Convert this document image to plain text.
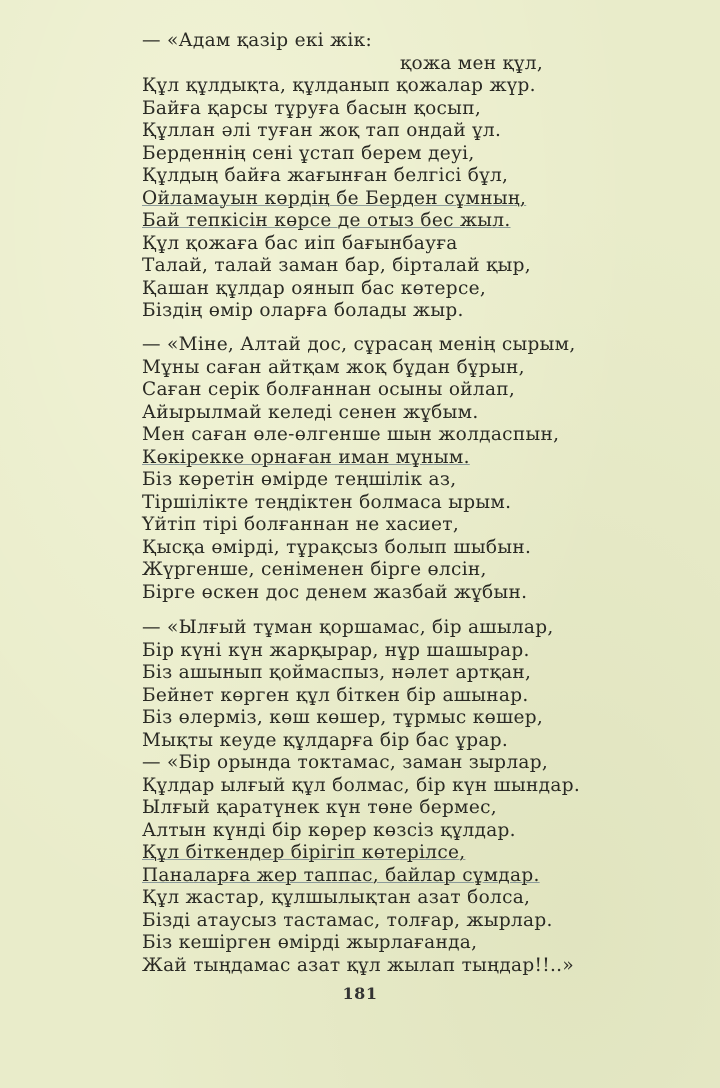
— «Адам қазір екі жік:
қожа мен құл,
Құл құлдықта, құлданып қожалар жүр.
Байға қарсы тұруға басын қосып,
Құллан әлі туған жоқ тап ондай ұл.
Берденнің сені ұстап берем деуі,
Құлдың байға жағынған белгісі бұл,
Ойламауын көрдің бе Берден сұмның,
Бай тепкісін көрсе де отыз бес жыл.
Құл қожаға бас иіп бағынбауға
Талай, талай заман бар, бірталай қыр,
Қашан құлдар оянып бас көтерсе,
Біздің өмір оларға болады жыр.
— «Міне, Алтай дос, сұрасаң менің сырым,
Мұны саған айтқам жоқ бұдан бұрын,
Саған серік болғаннан осыны ойлап,
Айырылмай келеді сенен жұбым.
Мен саған өле-өлгенше шын жолдаспын,
Көкірекке орнаған иман мұным.
Біз көретін өмірде теңшілік аз,
Тіршілікте теңдіктен болмаса ырым.
Үйтіп тірі болғаннан не хасиет,
Қысқа өмірді, тұрақсыз болып шыбын.
Жүргенше, сеніменен бірге өлсін,
Бірге өскен дос денем жазбай жұбын.
— «Ылғый тұман қоршамас, бір ашылар,
Бір күні күн жарқырар, нұр шашырар.
Біз ашынып қоймаспыз, нәлет артқан,
Бейнет көрген құл біткен бір ашынар.
Біз өлерміз, көш көшер, тұрмыс көшер,
Мықты кеуде құлдарға бір бас ұрар.
— «Бір орында токтамас, заман зырлар,
Құлдар ылғый құл болмас, бір күн шындар.
Ылғый қаратүнек күн төне бермес,
Алтын күнді бір көрер көзсіз құлдар.
Құл біткендер бірігіп көтерілсе,
Паналарға жер таппас, байлар сұмдар.
Құл жастар, құлшылықтан азат болса,
Бізді атаусыз тастамас, толғар, жырлар.
Біз кешірген өмірді жырлағанда,
Жай тыңдамас азат құл жылап тыңдар!!..»
181
